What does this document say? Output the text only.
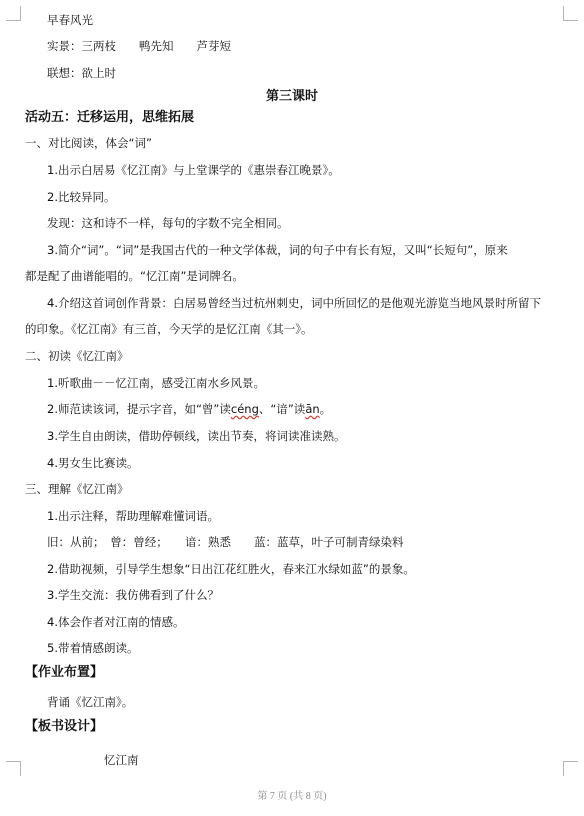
早春风光
实景：三两枝　　鸭先知　　芦芽短
联想：欲上时
第三课时
活动五：迁移运用，思维拓展
一、对比阅读，体会“词”
1.出示白居易《忆江南》与上堂课学的《惠崇春江晚景》。
2.比较异同。
发现：这和诗不一样，每句的字数不完全相同。
3.简介“词”。“词”是我国古代的一种文学体裁，词的句子中有长有短，又叫“长短句”，原来
都是配了曲谱能唱的。“忆江南”是词牌名。
4.介绍这首词创作背景：白居易曾经当过杭州刺史，词中所回忆的是他观光游览当地风景时所留下
的印象。《忆江南》有三首，今天学的是忆江南《其一》。
二、初读《忆江南》
1.听歌曲－－忆江南，感受江南水乡风景。
2.师范读该词，提示字音，如“曾”读céng、“谙”读ān。
3.学生自由朗读，借助停顿线，读出节奏，将词读准读熟。
4.男女生比赛读。
三、理解《忆江南》
1.出示注释，帮助理解难懂词语。
旧：从前；　曾：曾经；　　谙：熟悉　　蓝：蓝草，叶子可制青绿染料
2.借助视频，引导学生想象“日出江花红胜火，春来江水绿如蓝”的景象。
3.学生交流：我仿佛看到了什么？
4.体会作者对江南的情感。
5.带着情感朗读。
【作业布置】
背诵《忆江南》。
【板书设计】
忆江南
第 7 页 (共 8 页)
